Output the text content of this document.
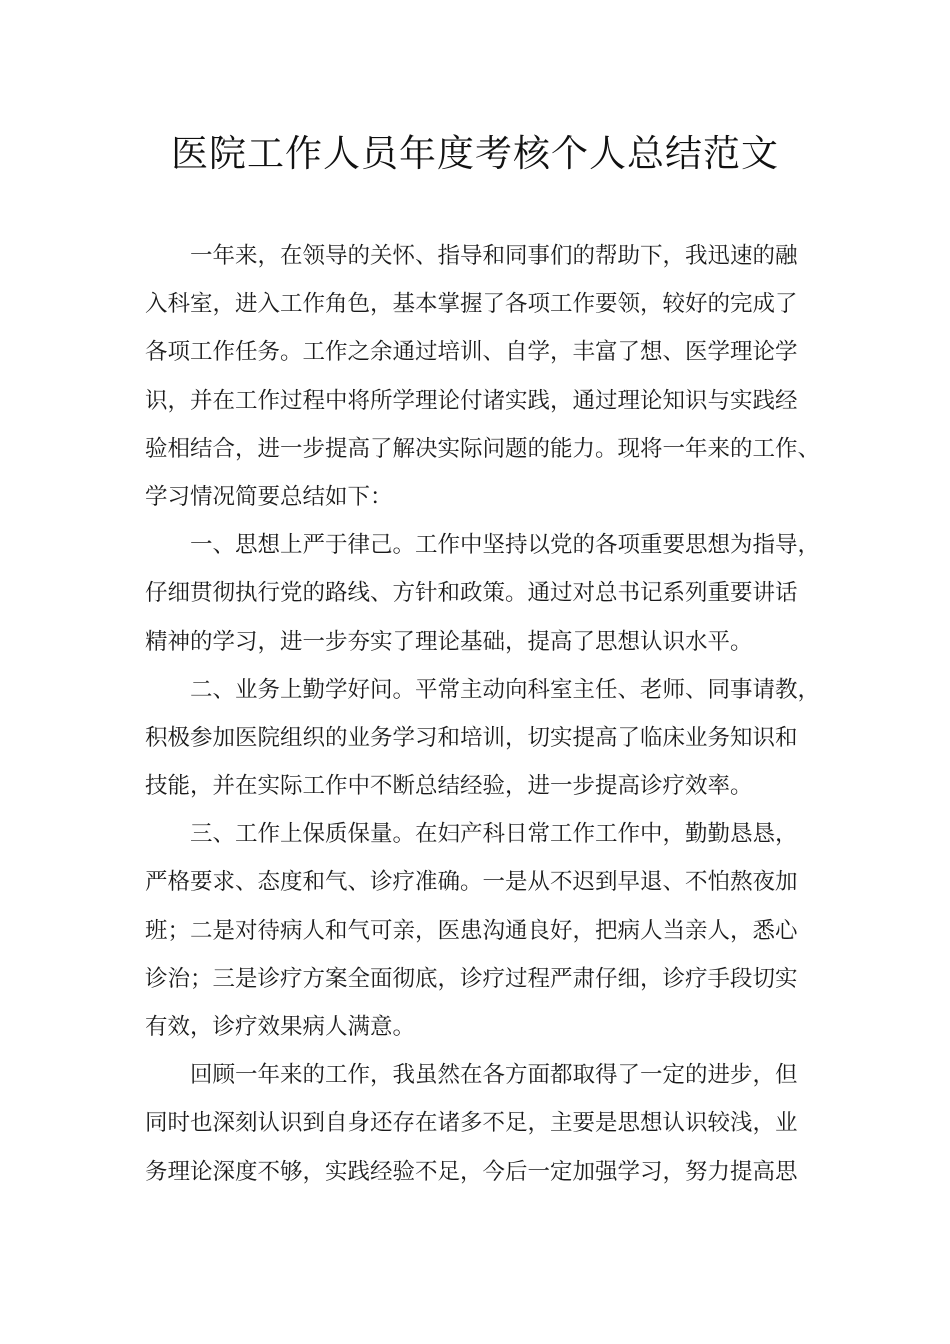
医院工作人员年度考核个人总结范文
一年来，在领导的关怀、指导和同事们的帮助下，我迅速的融
入科室，进入工作角色，基本掌握了各项工作要领，较好的完成了
各项工作任务。工作之余通过培训、自学，丰富了想、医学理论学
识，并在工作过程中将所学理论付诸实践，通过理论知识与实践经
验相结合，进一步提高了解决实际问题的能力。现将一年来的工作、
学习情况简要总结如下：
一、思想上严于律己。工作中坚持以党的各项重要思想为指导，
仔细贯彻执行党的路线、方针和政策。通过对总书记系列重要讲话
精神的学习，进一步夯实了理论基础，提高了思想认识水平。
二、业务上勤学好问。平常主动向科室主任、老师、同事请教，
积极参加医院组织的业务学习和培训，切实提高了临床业务知识和
技能，并在实际工作中不断总结经验，进一步提高诊疗效率。
三、工作上保质保量。在妇产科日常工作工作中，勤勤恳恳，
严格要求、态度和气、诊疗准确。一是从不迟到早退、不怕熬夜加
班；二是对待病人和气可亲，医患沟通良好，把病人当亲人，悉心
诊治；三是诊疗方案全面彻底，诊疗过程严肃仔细，诊疗手段切实
有效，诊疗效果病人满意。
回顾一年来的工作，我虽然在各方面都取得了一定的进步，但
同时也深刻认识到自身还存在诸多不足，主要是思想认识较浅，业
务理论深度不够，实践经验不足，今后一定加强学习，努力提高思
